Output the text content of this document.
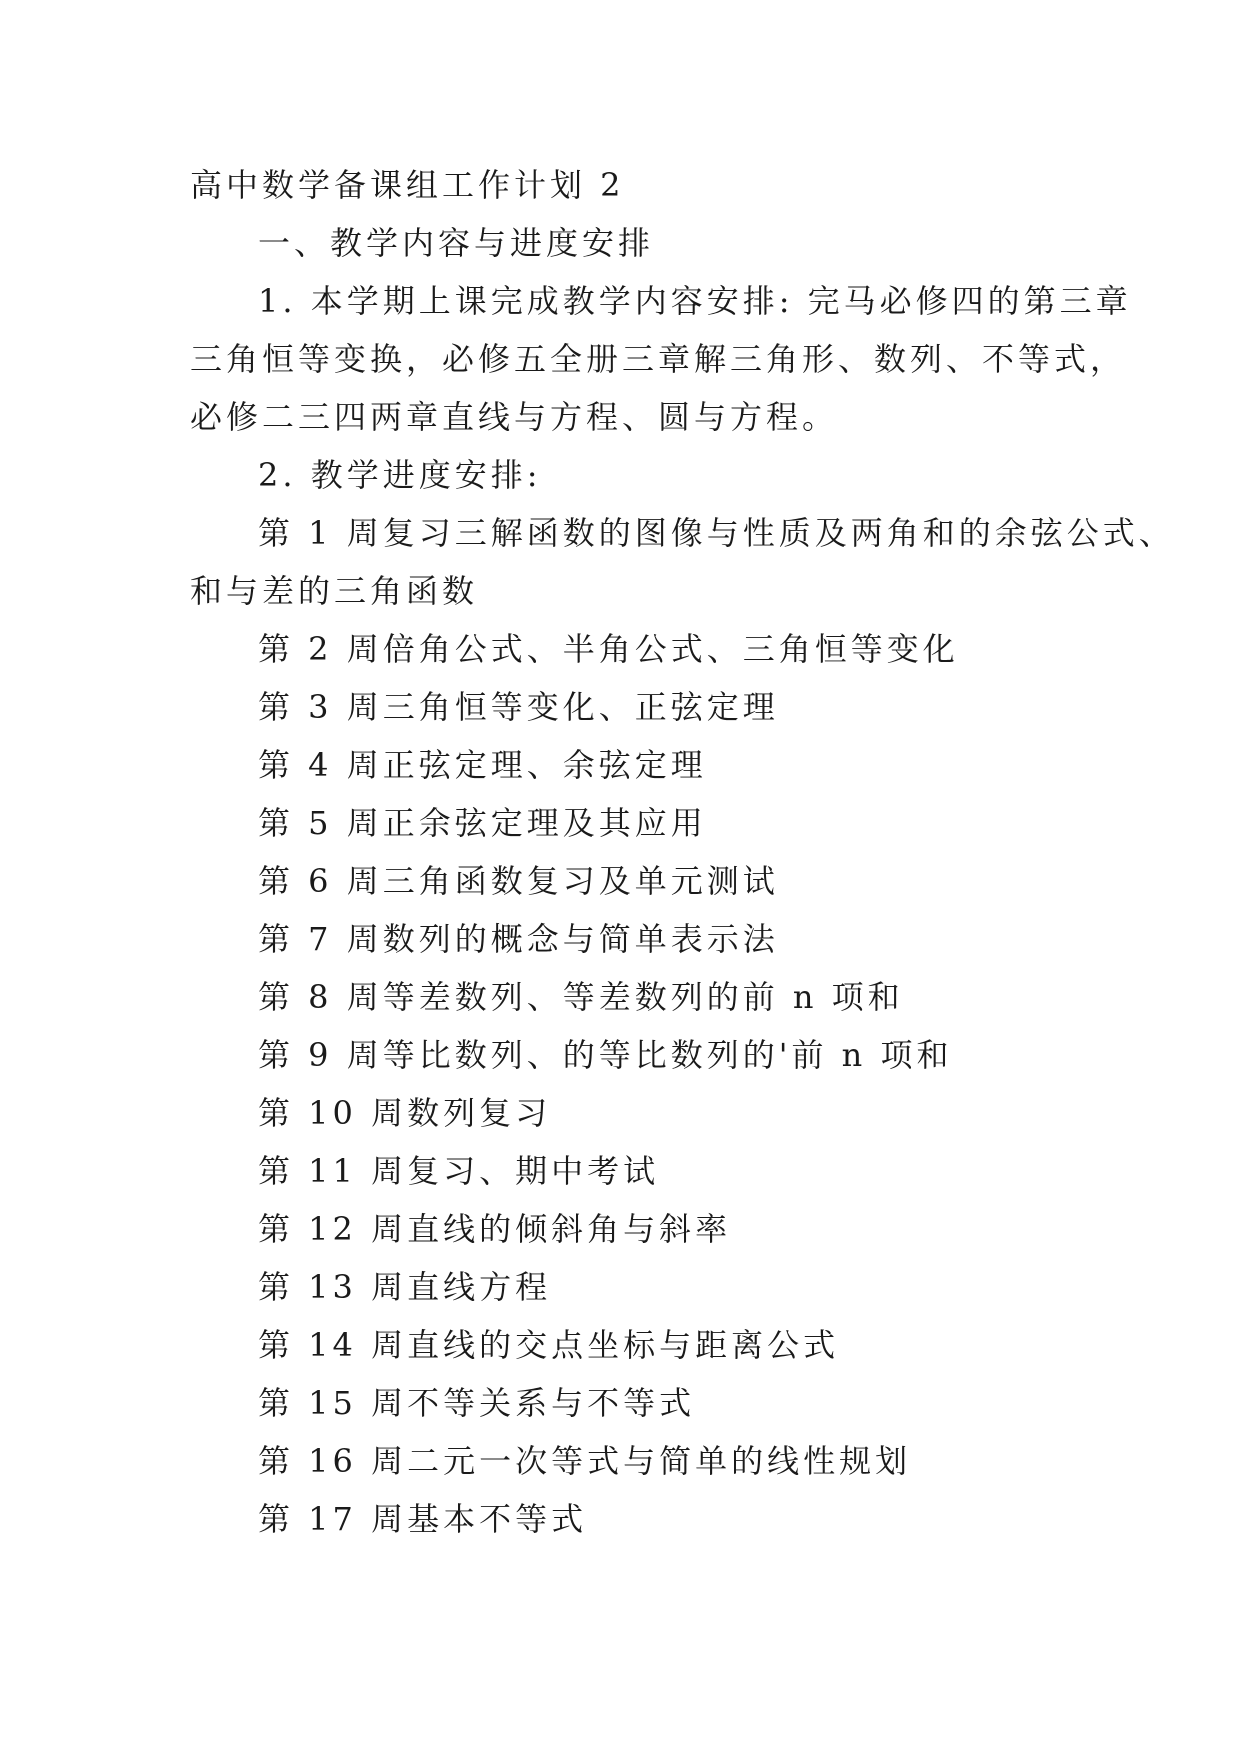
高中数学备课组工作计划 2
一、教学内容与进度安排
1. 本学期上课完成教学内容安排: 完马必修四的第三章
三角恒等变换，必修五全册三章解三角形、数列、不等式，
必修二三四两章直线与方程、圆与方程。
2. 教学进度安排:
第 1 周复习三解函数的图像与性质及两角和的余弦公式、
和与差的三角函数
第 2 周倍角公式、半角公式、三角恒等变化
第 3 周三角恒等变化、正弦定理
第 4 周正弦定理、余弦定理
第 5 周正余弦定理及其应用
第 6 周三角函数复习及单元测试
第 7 周数列的概念与简单表示法
第 8 周等差数列、等差数列的前 n 项和
第 9 周等比数列、的等比数列的'前 n 项和
第 10 周数列复习
第 11 周复习、期中考试
第 12 周直线的倾斜角与斜率
第 13 周直线方程
第 14 周直线的交点坐标与距离公式
第 15 周不等关系与不等式
第 16 周二元一次等式与简单的线性规划
第 17 周基本不等式
